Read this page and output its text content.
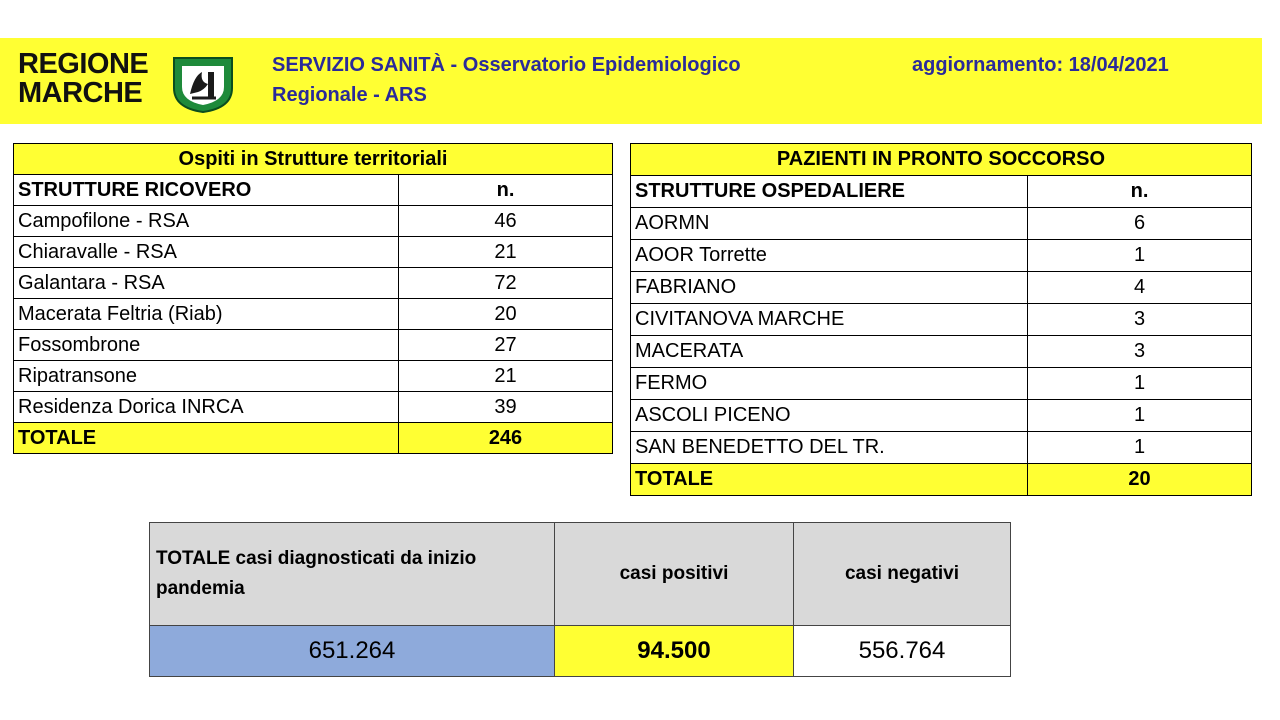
REGIONE
MARCHE
SERVIZIO SANITÀ - Osservatorio Epidemiologico
Regionale - ARS
aggiornamento: 18/04/2021
Ospiti in Strutture territoriali	
STRUTTURE RICOVERO	n.
Campofilone - RSA	46
Chiaravalle - RSA	21
Galantara - RSA	72
Macerata Feltria (Riab)	20
Fossombrone	27
Ripatransone	21
Residenza Dorica INRCA	39
TOTALE	246
PAZIENTI IN PRONTO SOCCORSO	
STRUTTURE OSPEDALIERE	n.
AORMN	6
AOOR Torrette	1
FABRIANO	4
CIVITANOVA MARCHE	3
MACERATA	3
FERMO	1
ASCOLI PICENO	1
SAN BENEDETTO DEL TR.	1
TOTALE	20
TOTALE casi diagnosticati da inizio pandemia	casi positivi	casi negativi
651.264	94.500	556.764
